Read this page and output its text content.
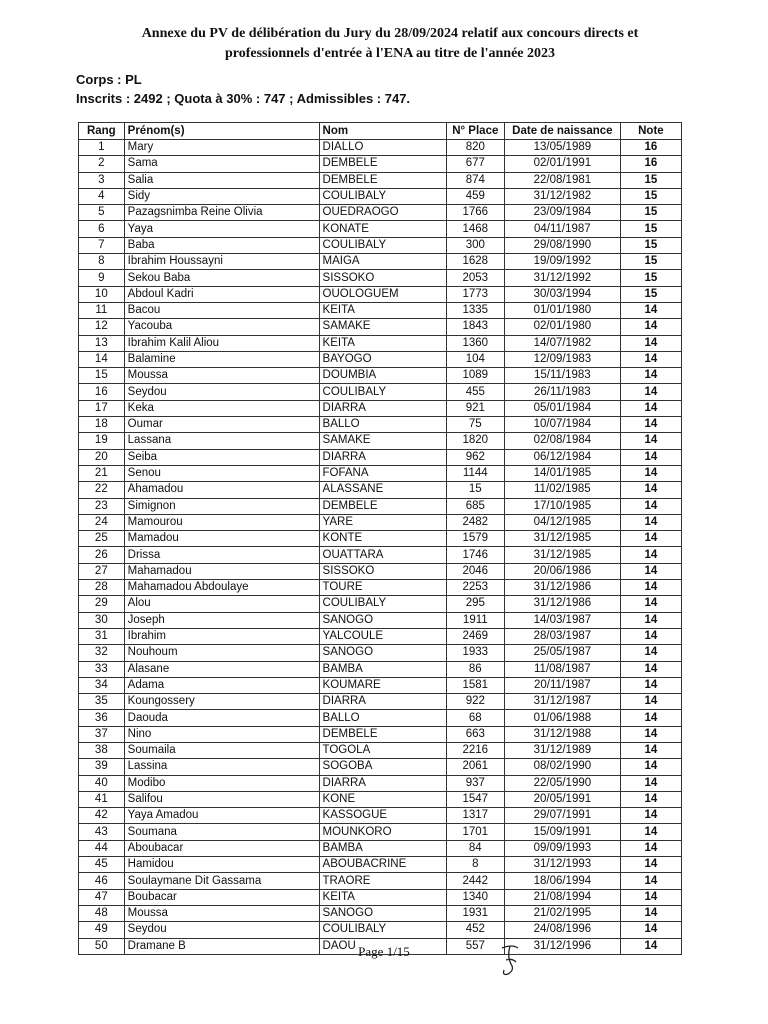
Annexe du PV de délibération du Jury du 28/09/2024 relatif aux concours directs et
professionnels d'entrée à l'ENA au titre de l'année 2023
Corps : PL
Inscrits : 2492 ; Quota à 30% : 747 ; Admissibles : 747.
Rang	Prénom(s)	Nom	N° Place	Date de naissance	Note
1	Mary	DIALLO	820	13/05/1989	16
2	Sama	DEMBELE	677	02/01/1991	16
3	Salia	DEMBELE	874	22/08/1981	15
4	Sidy	COULIBALY	459	31/12/1982	15
5	Pazagsnimba Reine Olivia	OUEDRAOGO	1766	23/09/1984	15
6	Yaya	KONATE	1468	04/11/1987	15
7	Baba	COULIBALY	300	29/08/1990	15
8	Ibrahim Houssayni	MAIGA	1628	19/09/1992	15
9	Sekou Baba	SISSOKO	2053	31/12/1992	15
10	Abdoul Kadri	OUOLOGUEM	1773	30/03/1994	15
11	Bacou	KEITA	1335	01/01/1980	14
12	Yacouba	SAMAKE	1843	02/01/1980	14
13	Ibrahim Kalil Aliou	KEITA	1360	14/07/1982	14
14	Balamine	BAYOGO	104	12/09/1983	14
15	Moussa	DOUMBIA	1089	15/11/1983	14
16	Seydou	COULIBALY	455	26/11/1983	14
17	Keka	DIARRA	921	05/01/1984	14
18	Oumar	BALLO	75	10/07/1984	14
19	Lassana	SAMAKE	1820	02/08/1984	14
20	Seiba	DIARRA	962	06/12/1984	14
21	Senou	FOFANA	1144	14/01/1985	14
22	Ahamadou	ALASSANE	15	11/02/1985	14
23	Simignon	DEMBELE	685	17/10/1985	14
24	Mamourou	YARE	2482	04/12/1985	14
25	Mamadou	KONTE	1579	31/12/1985	14
26	Drissa	OUATTARA	1746	31/12/1985	14
27	Mahamadou	SISSOKO	2046	20/06/1986	14
28	Mahamadou Abdoulaye	TOURE	2253	31/12/1986	14
29	Alou	COULIBALY	295	31/12/1986	14
30	Joseph	SANOGO	1911	14/03/1987	14
31	Ibrahim	YALCOULE	2469	28/03/1987	14
32	Nouhoum	SANOGO	1933	25/05/1987	14
33	Alasane	BAMBA	86	11/08/1987	14
34	Adama	KOUMARE	1581	20/11/1987	14
35	Koungossery	DIARRA	922	31/12/1987	14
36	Daouda	BALLO	68	01/06/1988	14
37	Nino	DEMBELE	663	31/12/1988	14
38	Soumaila	TOGOLA	2216	31/12/1989	14
39	Lassina	SOGOBA	2061	08/02/1990	14
40	Modibo	DIARRA	937	22/05/1990	14
41	Salifou	KONE	1547	20/05/1991	14
42	Yaya Amadou	KASSOGUE	1317	29/07/1991	14
43	Soumana	MOUNKORO	1701	15/09/1991	14
44	Aboubacar	BAMBA	84	09/09/1993	14
45	Hamidou	ABOUBACRINE	8	31/12/1993	14
46	Soulaymane Dit Gassama	TRAORE	2442	18/06/1994	14
47	Boubacar	KEITA	1340	21/08/1994	14
48	Moussa	SANOGO	1931	21/02/1995	14
49	Seydou	COULIBALY	452	24/08/1996	14
50	Dramane B	DAOU	557	31/12/1996	14
Page 1/15
